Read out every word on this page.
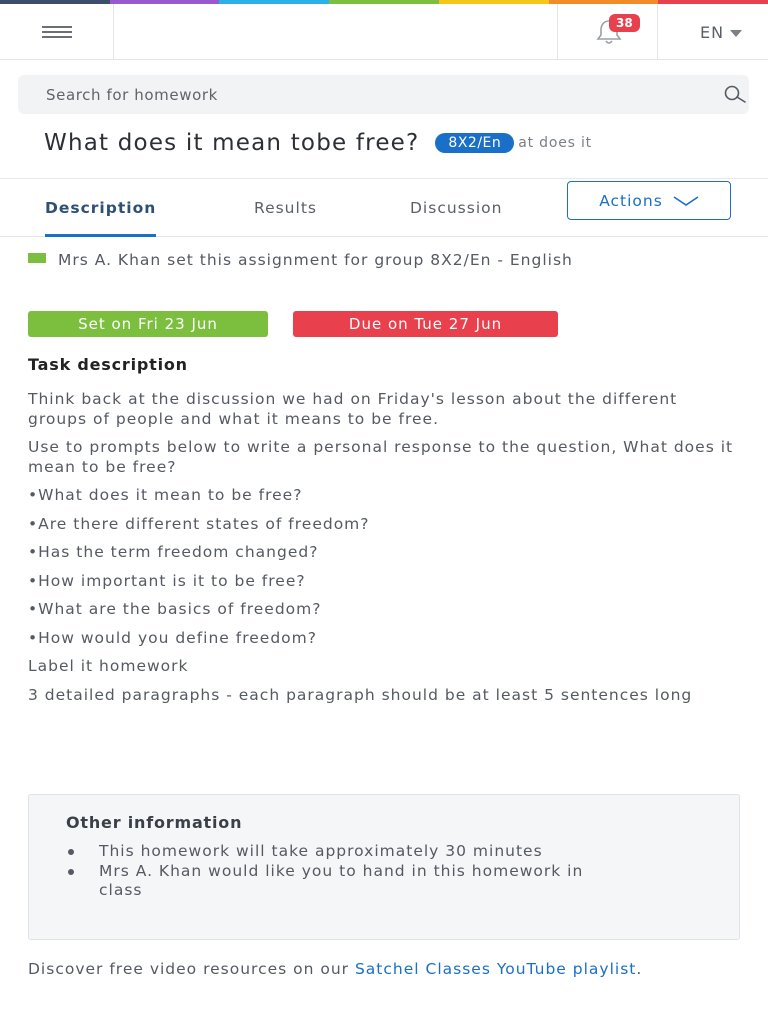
38	EN
Search for homework
What does it mean tobe free? 8X2/En at does it
Description	Results	Discussion	Actions
Mrs A. Khan set this assignment for group 8X2/En - English
Set on Fri 23 Jun	Due on Tue 27 Jun
Task description

Think back at the discussion we had on Friday's lesson about the different groups of people and what it means to be free.

Use to prompts below to write a personal response to the question, What does it mean to be free?

•What does it mean to be free?

•Are there different states of freedom?

•Has the term freedom changed?

•How important is it to be free?

•What are the basics of freedom?

•How would you define freedom?

Label it homework

3 detailed paragraphs - each paragraph should be at least 5 sentences long

Other information
This homework will take approximately 30 minutes
Mrs A. Khan would like you to hand in this homework in class
Discover free video resources on our Satchel Classes YouTube playlist.
